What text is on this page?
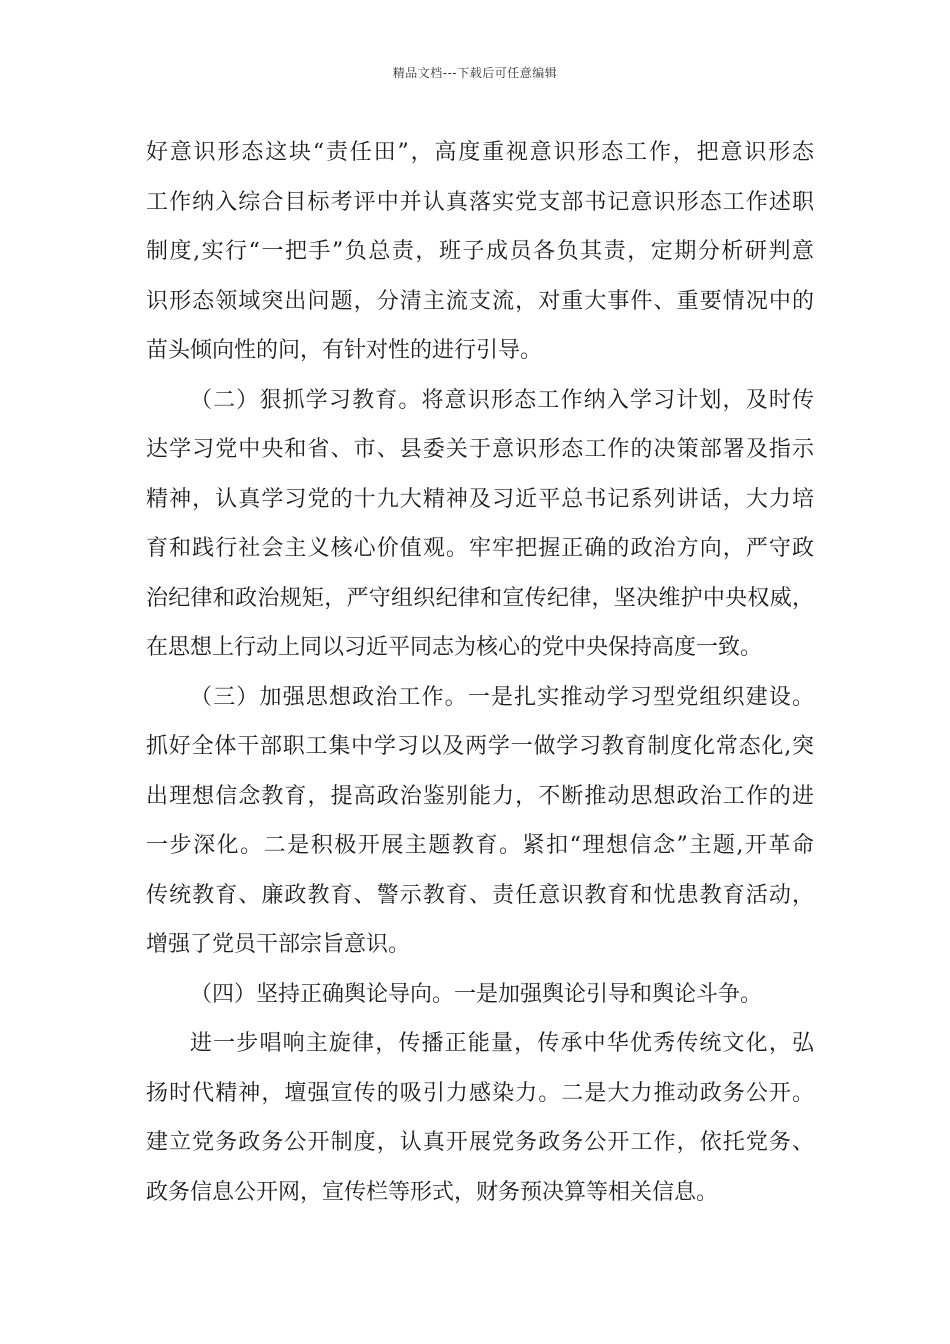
精品文档---下载后可任意编辑
好意识形态这块“责任田”，高度重视意识形态工作，把意识形态
工作纳入综合目标考评中并认真落实党支部书记意识形态工作述职
制度,实行“一把手”负总责，班子成员各负其责，定期分析研判意
识形态领域突出问题，分清主流支流，对重大事件、重要情况中的
苗头倾向性的问，有针对性的进行引导。
（二）狠抓学习教育。将意识形态工作纳入学习计划，及时传
达学习党中央和省、市、县委关于意识形态工作的决策部署及指示
精神，认真学习党的十九大精神及习近平总书记系列讲话，大力培
育和践行社会主义核心价值观。牢牢把握正确的政治方向，严守政
治纪律和政治规矩，严守组织纪律和宣传纪律，坚决维护中央权威，
在思想上行动上同以习近平同志为核心的党中央保持高度一致。
（三）加强思想政治工作。一是扎实推动学习型党组织建设。
抓好全体干部职工集中学习以及两学一做学习教育制度化常态化,突
出理想信念教育，提高政治鉴别能力，不断推动思想政治工作的进
一步深化。二是积极开展主题教育。紧扣“理想信念”主题,开革命
传统教育、廉政教育、警示教育、责任意识教育和忧患教育活动，
增强了党员干部宗旨意识。
（四）坚持正确舆论导向。一是加强舆论引导和舆论斗争。
进一步唱响主旋律，传播正能量，传承中华优秀传统文化，弘
扬时代精神，壇强宣传的吸引力感染力。二是大力推动政务公开。
建立党务政务公开制度，认真开展党务政务公开工作，依托党务、
政务信息公开网，宣传栏等形式，财务预决算等相关信息。
